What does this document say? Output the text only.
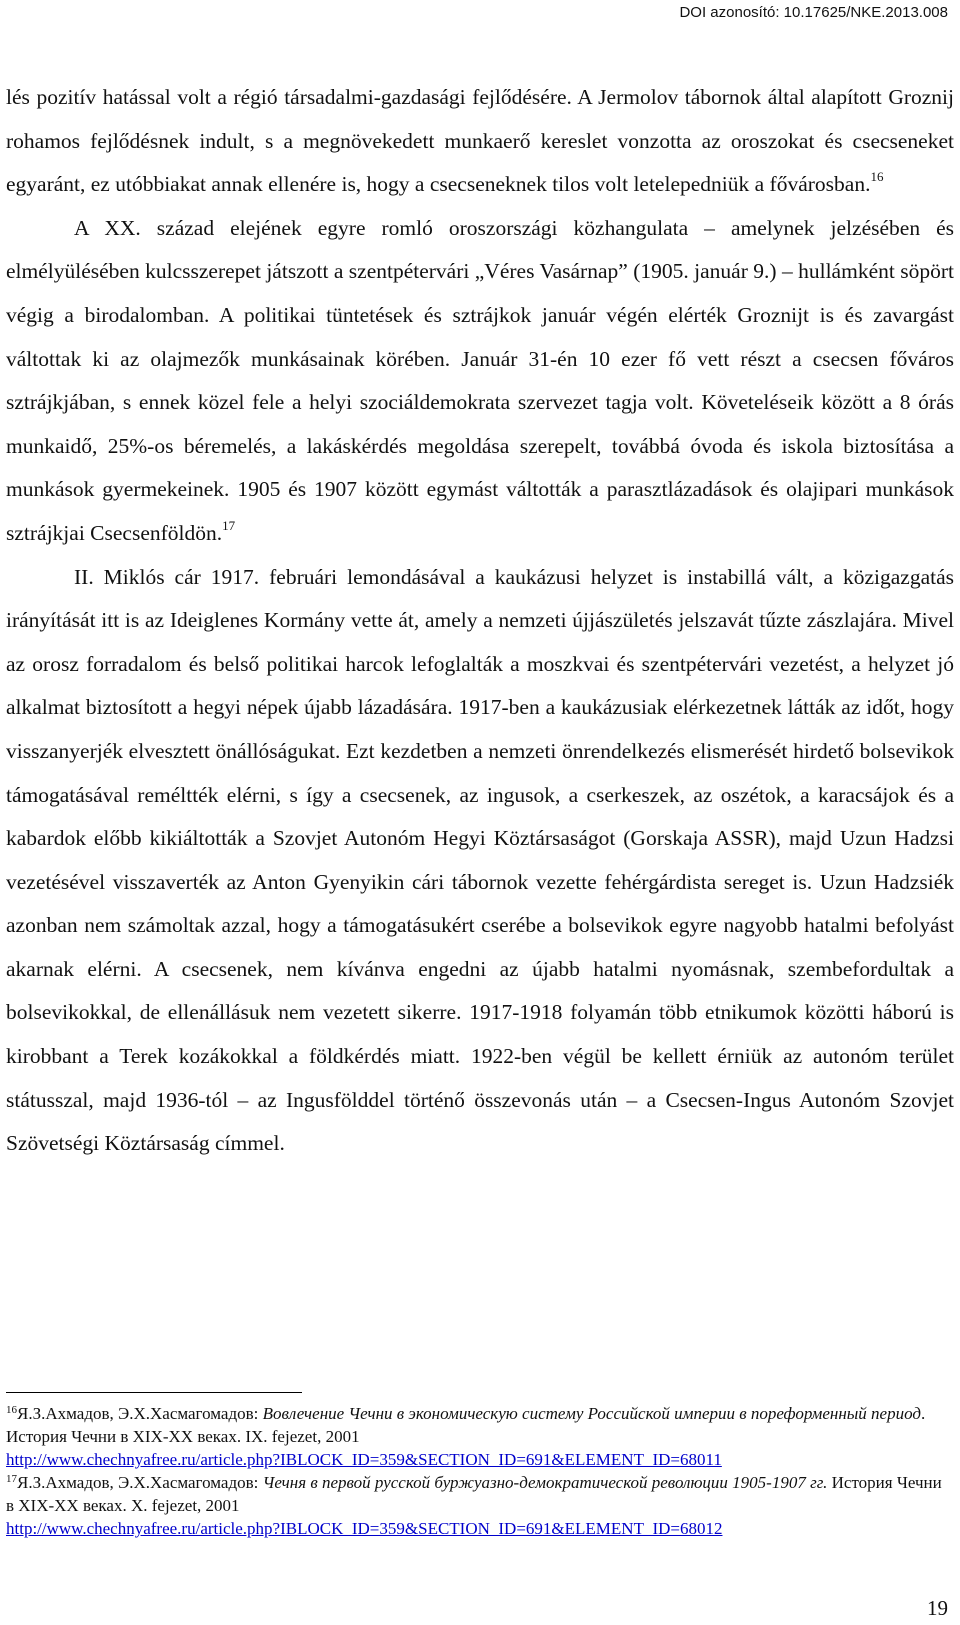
DOI azonosító: 10.17625/NKE.2013.008

lés pozitív hatással volt a régió társadalmi-gazdasági fejlődésére. A Jermolov tábornok által alapított Groznij rohamos fejlődésnek indult, s a megnövekedett munkaerő kereslet vonzotta az oroszokat és csecseneket egyaránt, ez utóbbiakat annak ellenére is, hogy a csecseneknek tilos volt letelepedniük a fővárosban.$^{16}$

A XX. század elejének egyre romló oroszországi közhangulata – amelynek jelzésében és elmélyülésében kulcsszerepet játszott a szentpétervári „Véres Vasárnap” (1905. január 9.) – hullámként söpört végig a birodalomban. A politikai tüntetések és sztrájkok január végén elérték Groznijt is és zavargást váltottak ki az olajmezők munkásainak körében. Január 31-én 10 ezer fő vett részt a csecsen főváros sztrájkjában, s ennek közel fele a helyi szociáldemokrata szervezet tagja volt. Követeléseik között a 8 órás munkaidő, 25%-os béremelés, a lakáskérdés megoldása szerepelt, továbbá óvoda és iskola biztosítása a munkások gyermekeinek. 1905 és 1907 között egymást váltották a parasztlázadások és olajipari munkások sztrájkjai Csecsenföldön.$^{17}$

II. Miklós cár 1917. februári lemondásával a kaukázusi helyzet is instabillá vált, a közigazgatás irányítását itt is az Ideiglenes Kormány vette át, amely a nemzeti újjászületés jelszavát tűzte zászlajára. Mivel az orosz forradalom és belső politikai harcok lefoglalták a moszkvai és szentpétervári vezetést, a helyzet jó alkalmat biztosított a hegyi népek újabb lázadására. 1917-ben a kaukázusiak elérkezetnek látták az időt, hogy visszanyerjék elvesztett önállóságukat. Ezt kezdetben a nemzeti önrendelkezés elismerését hirdető bolsevikok támogatásával reméltték elérni, s így a csecsenek, az ingusok, a cserkeszek, az oszétok, a karacsájok és a kabardok előbb kikiáltották a Szovjet Autonóm Hegyi Köztársaságot (Gorskaja ASSR), majd Uzun Hadzsi vezetésével visszaverték az Anton Gyenyikin cári tábornok vezette fehérgárdista sereget is. Uzun Hadzsiék azonban nem számoltak azzal, hogy a támogatásukért cserébe a bolsevikok egyre nagyobb hatalmi befolyást akarnak elérni. A csecsenek, nem kívánva engedni az újabb hatalmi nyomásnak, szembefordultak a bolsevikokkal, de ellenállásuk nem vezetett sikerre. 1917-1918 folyamán több etnikumok közötti háború is kirobbant a Terek kozákokkal a földkérdés miatt. 1922-ben végül be kellett érniük az autonóm terület státusszal, majd 1936-tól – az Ingusfölddel történő összevonás után – a Csecsen-Ingus Autonóm Szovjet Szövetségi Köztársaság címmel.

$^{16}$Я.З.Ахмадов, Э.Х.Хасмагомадов: Вовлечение Чечни в экономическую систему Российской империи в пореформенный период. История Чечни в XIX-XX веках. IX. fejezet, 2001
http://www.chechnyafree.ru/article.php?IBLOCK_ID=359&SECTION_ID=691&ELEMENT_ID=68011

$^{17}$Я.З.Ахмадов, Э.Х.Хасмагомадов: Чечня в первой русской буржуазно-демократической революции 1905-1907 гг. История Чечни в XIX-XX веках. X. fejezet, 2001
http://www.chechnyafree.ru/article.php?IBLOCK_ID=359&SECTION_ID=691&ELEMENT_ID=68012

19
